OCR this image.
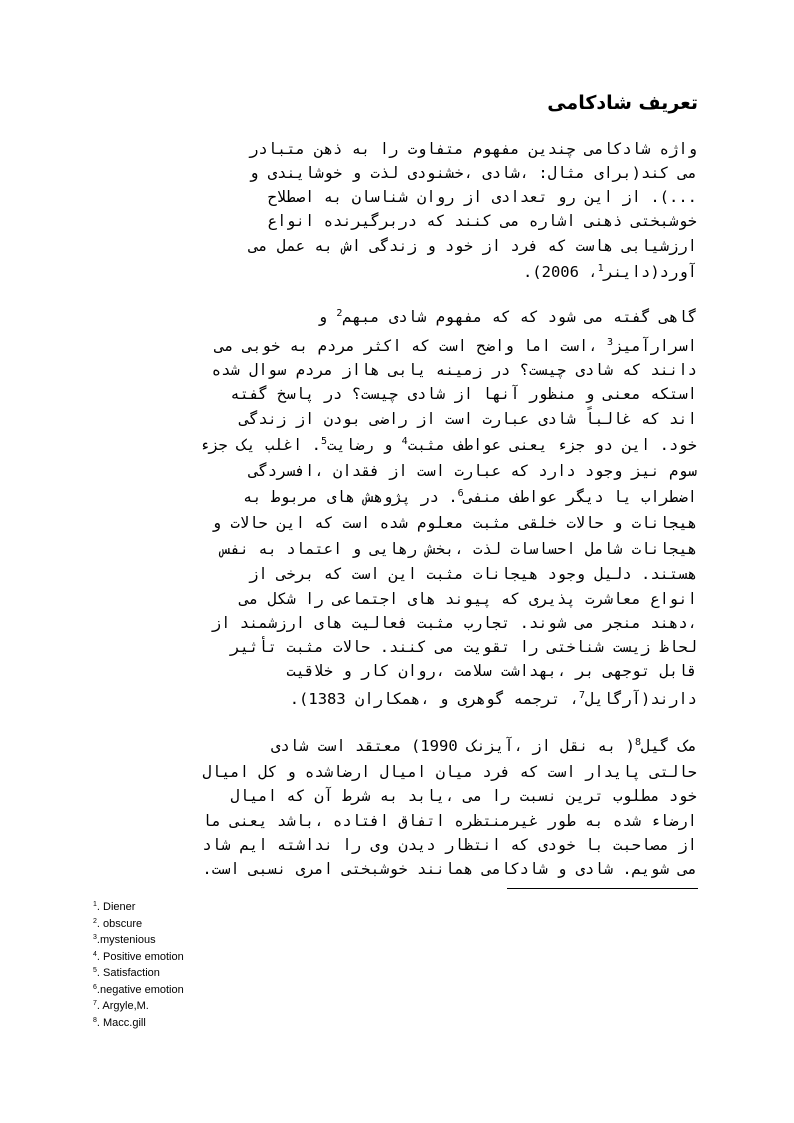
تعریف شادکامی
واژه شادکامی چندین مفهوم متفاوت را به ذهن متبادر
می کند(برای مثال: ،شادی ،خشنودی لذت و خوشایندی و
...). از این رو تعدادی از روان شناسان به اصطلاح
خوشبختی ذهنی اشاره می کنند که دربرگیرنده انواع
ارزشیابی هاست که فرد از خود و زندگی اش به عمل می
آورد(داینر$^1$، 2006).
گاهی گفته می شود که که مفهوم شادی مبهم$^2$ و
اسرارآمیز$^3$ ،است اما واضح است که اکثر مردم به خوبی می
دانند که شادی چیست؟ در زمینه یابی هااز مردم سوال شده
استکه معنی و منظور آنها از شادی چیست؟ در پاسخ گفته
اند که غالباً شادی عبارت است از راضی بودن از زندگی
خود. این دو جزء یعنی عواطف مثبت$^4$ و رضایت$^5$. اغلب یک جزء
سوم نیز وجود دارد که عبارت است از فقدان ،افسردگی
اضطراب یا دیگر عواطف منفی$^6$. در پژوهش های مربوط به
هیجانات و حالات خلقی مثبت معلوم شده است که این حالات و
هیجانات شامل احساسات لذت ،بخش رهایی و اعتماد به نفس
هستند. دلیل وجود هیجانات مثبت این است که برخی از
انواع معاشرت پذیری که پیوند های اجتماعی را شکل می
،دهند منجر می شوند. تجارب مثبت فعالیت های ارزشمند از
لحاظ زیست شناختی را تقویت می کنند. حالات مثبت تأثیر
قابل توجهی بر ،بهداشت سلامت ،روان کار و خلاقیت
دارند(آرگایل$^7$، ترجمه گوهری و ،همکاران 1383).
مک گیل$^8$( به نقل از ،آیزنک 1990) معتقد است شادی
حالتی پایدار است که فرد میان امیال ارضاشده و کل امیال
خود مطلوب ترین نسبت را می ،یابد به شرط آن که امیال
ارضاء شده به طور غیرمنتظره اتفاق افتاده ،باشد یعنی ما
از مصاحبت با خودی که انتظار دیدن وی را نداشته ایم شاد
می شویم. شادی و شادکامی همانند خوشبختی امری نسبی است.
$^1$. Diener
$^2$. obscure
$^3$.mystenious
$^4$. Positive emotion
$^5$. Satisfaction
$^6$.negative emotion
$^7$. Argyle,M.
$^8$. Macc.gill
